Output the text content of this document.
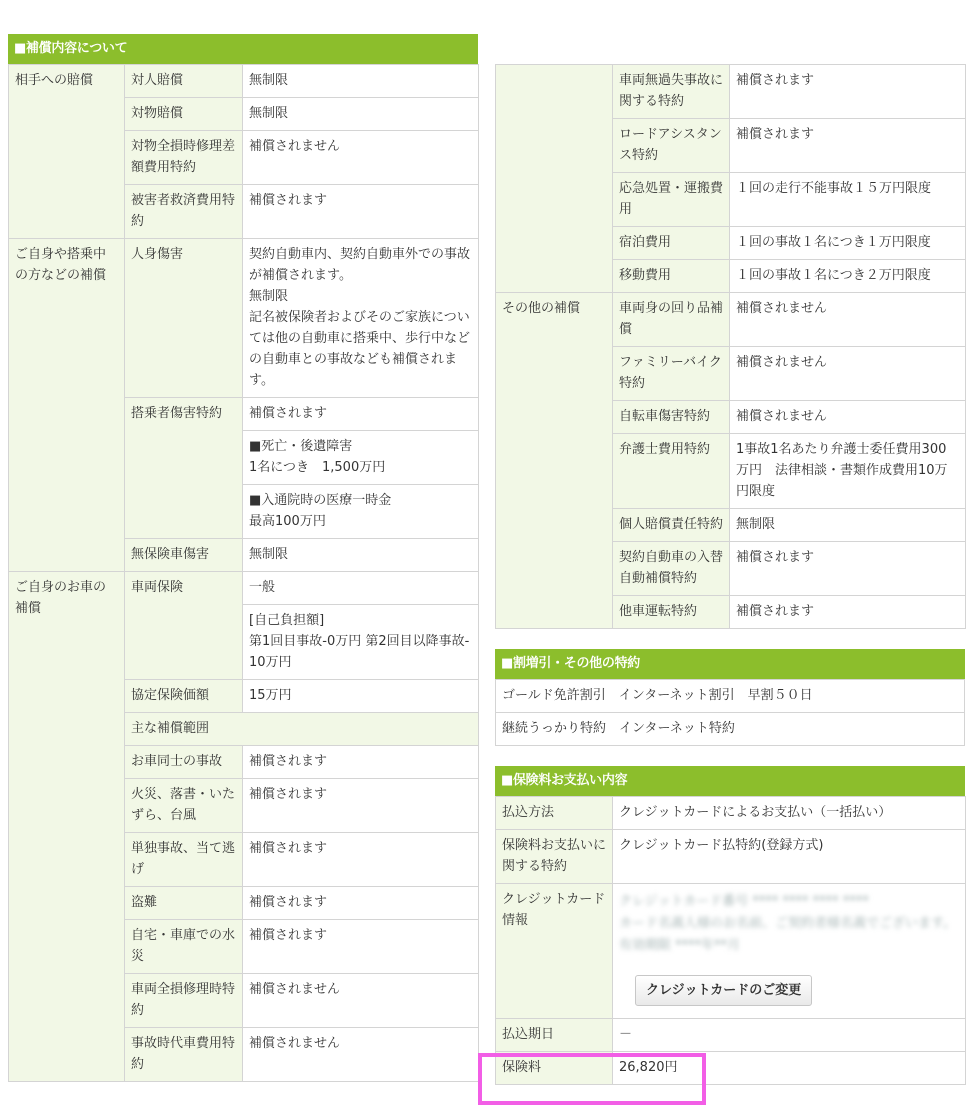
■補償内容について
相手への賠償	対人賠償	無制限
	対物賠償	無制限
	対物全損時修理差額費用特約	補償されません
	被害者救済費用特約	補償されます
ご自身や搭乗中の方などの補償	人身傷害	契約自動車内、契約自動車外での事故が補償されます。
無制限
記名被保険者およびそのご家族については他の自動車に搭乗中、歩行中などの自動車との事故なども補償されます。
	搭乗者傷害特約	補償されます
		■死亡・後遺障害
1名につき　1,500万円
		■入通院時の医療一時金
最高100万円
	無保険車傷害	無制限
ご自身のお車の補償	車両保険	一般
		[自己負担額]
第1回目事故-0万円 第2回目以降事故-10万円
	協定保険価額	15万円
	主な補償範囲	
	お車同士の事故	補償されます
	火災、落書・いたずら、台風	補償されます
	単独事故、当て逃げ	補償されます
	盗難	補償されます
	自宅・車庫での水災	補償されます
	車両全損修理時特約	補償されません
	事故時代車費用特約	補償されません
	車両無過失事故に関する特約	補償されます
	ロードアシスタンス特約	補償されます
	応急処置・運搬費用	１回の走行不能事故１５万円限度
	宿泊費用	１回の事故１名につき１万円限度
	移動費用	１回の事故１名につき２万円限度
その他の補償	車両身の回り品補償	補償されません
	ファミリーバイク特約	補償されません
	自転車傷害特約	補償されません
	弁護士費用特約	1事故1名あたり弁護士委任費用300万円　法律相談・書類作成費用10万円限度
	個人賠償責任特約	無制限
	契約自動車の入替自動補償特約	補償されます
	他車運転特約	補償されます
■割増引・その他の特約
ゴールド免許割引　インターネット割引　早割５０日
継続うっかり特約　インターネット特約
■保険料お支払い内容
払込方法	クレジットカードによるお支払い（一括払い）
保険料お支払いに関する特約	クレジットカード払特約(登録方式)
クレジットカード情報	クレジットカード番号 **** **** **** ****
カード名義人様のお名前、ご契約者様名義でございます。
有効期限 ****年**月
クレジットカードのご変更
払込期日	－
保険料	26,820円
